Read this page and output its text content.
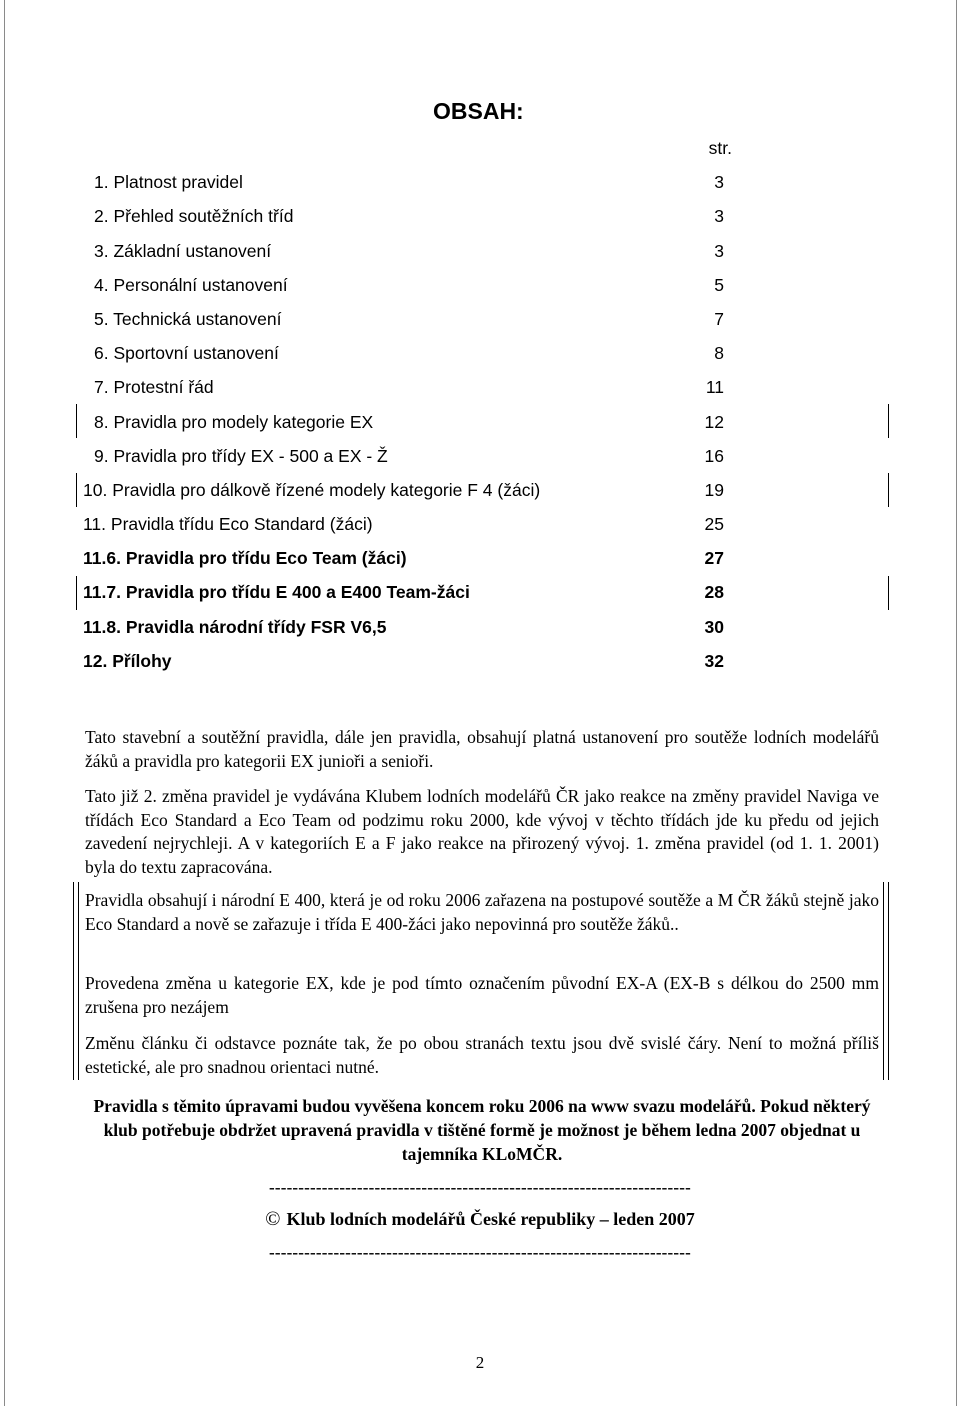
OBSAH:
str.
1. Platnost pravidel	3
2. Přehled soutěžních tříd	3
3. Základní ustanovení	3
4. Personální ustanovení	5
5. Technická ustanovení	7
6. Sportovní ustanovení	8
7. Protestní řád	11
8. Pravidla pro modely kategorie EX	12
9. Pravidla pro třídy EX - 500 a EX - Ž	16
10. Pravidla pro dálkově řízené modely kategorie F 4 (žáci)	19
11. Pravidla třídu Eco Standard (žáci)	25
11.6. Pravidla pro třídu Eco Team (žáci)	27
11.7. Pravidla pro třídu E 400 a E400 Team-žáci	28
11.8. Pravidla národní třídy FSR V6,5	30
12. Přílohy	32

Tato stavební a soutěžní pravidla, dále jen pravidla, obsahují platná ustanovení pro soutěže lodních modelářů žáků a pravidla pro kategorii EX junioři a senioři.

Tato již 2. změna pravidel je vydávána Klubem lodních modelářů ČR jako reakce na změny pravidel Naviga ve třídách Eco Standard a Eco Team od podzimu roku 2000, kde vývoj v těchto třídách jde ku předu od jejich zavedení nejrychleji. A v kategoriích E a F jako reakce na přirozený vývoj. 1. změna pravidel (od 1. 1. 2001) byla do textu zapracována.

Pravidla obsahují i národní E 400, která je od roku 2006 zařazena na postupové soutěže a M ČR žáků stejně jako Eco Standard a nově se zařazuje i třída E 400-žáci jako nepovinná pro soutěže žáků..

Provedena změna u kategorie EX, kde je pod tímto označením původní EX-A (EX-B s délkou do 2500 mm zrušena pro nezájem

Změnu článku či odstavce poznáte tak, že po obou stranách textu jsou dvě svislé čáry. Není to možná příliš estetické, ale pro snadnou orientaci nutné.

Pravidla s těmito úpravami budou vyvěšena koncem roku 2006 na www svazu modelářů. Pokud některý klub potřebuje obdržet upravená pravidla v tištěné formě je možnost je během ledna 2007 objednat u tajemníka KLoMČR.
------------------------------------------------------------------------
© Klub lodních modelářů České republiky – leden 2007
------------------------------------------------------------------------
2
